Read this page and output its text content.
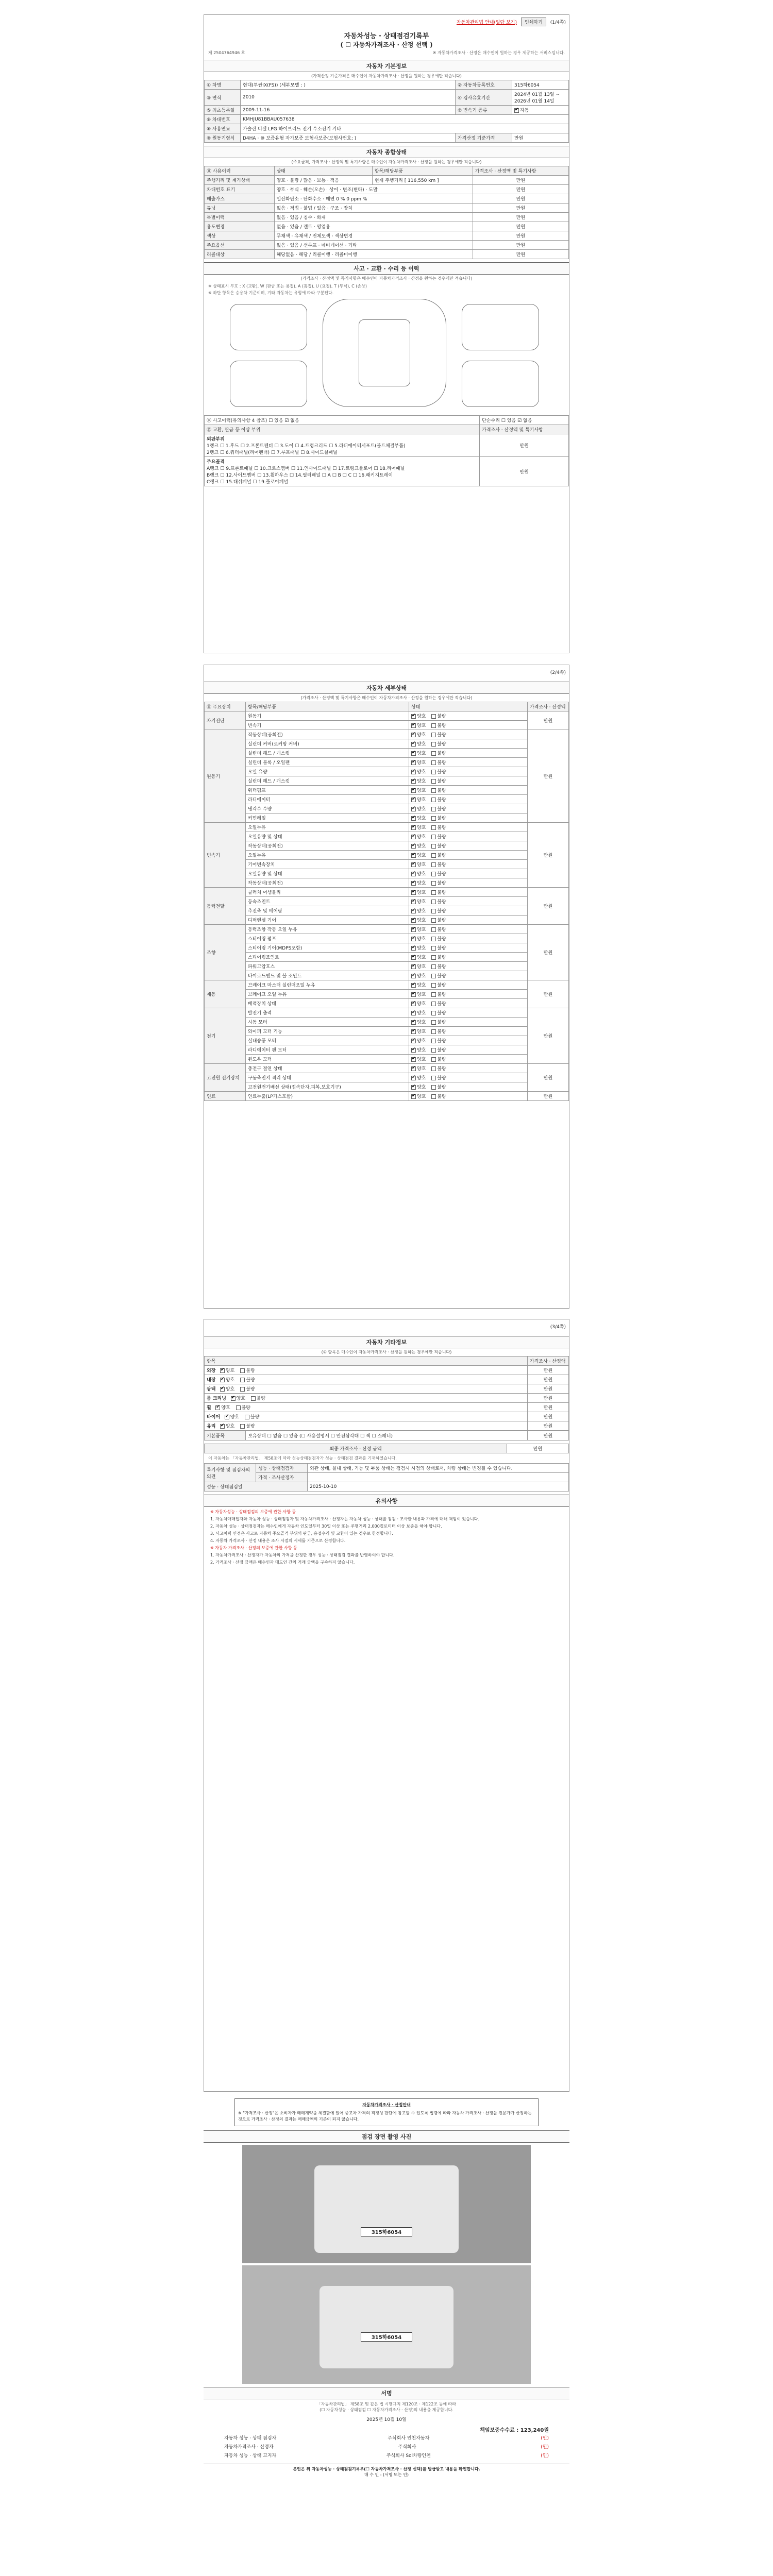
자동차관리법 안내(일람 보기)	인쇄하기	(1/4쪽)
자동차성능 · 상태점검기록부
( ☐ 자동차가격조사 · 산정 선택 )
제 2504764946 호	※ 자동차가격조사 · 산정은 매수인이 원하는 경우 제공하는 서비스입니다.
자동차 기본정보
(가격산정 기준가격은 매수인이 자동차가격조사 · 산정을 원하는 경우에만 적습니다)
① 차명	현대(투싼IX(FS)) (세부모델 : )	② 자동차등록번호	315하6054
③ 연식	2010	④ 검사유효기간	2024년 01월 13일 ~ 2026년 01월 14일
⑤ 최초등록일	2009-11-16	⑦ 변속기 종류	✔자동
⑥ 차대번호	KMHJU81BBAU057638		
⑧ 사용연료	가솔린 디젤 LPG 하이브리드 전기 수소전기 기타		
⑨ 원동기형식	D4HA · ⑩ 보증유형 자가보증 보험사보증(보험사번호: )	가격산정 기준가격	만원
자동차 종합상태
(주요골격, 가격조사 · 산정액 및 특기사항은 매수인이 자동차가격조사 · 산정을 원하는 경우에만 적습니다)
⑪ 사용이력	상태	항목/해당부품	가격조사 · 산정액 및 특기사항
주행거리 및 계기상태	양호 · 불량 / 많음 · 보통 · 적음	현재 주행거리 [ 116,550 km ]	만원
차대번호 표기	양호 · 부식 · 훼손(오손) · 상이 · 변조(변타) · 도말		만원
배출가스	일산화탄소 · 탄화수소 · 매연 0 % 0 ppm %		만원
튜닝	없음 · 적법 · 불법 / 있음 · 구조 · 장치		만원
특별이력	없음 · 있음 / 침수 · 화재		만원
용도변경	없음 · 있음 / 렌트 · 영업용		만원
색상	무채색 · 유채색 / 전체도색 · 색상변경		만원
주요옵션	없음 · 있음 / 선루프 · 네비게이션 · 기타		만원
리콜대상	해당없음 · 해당 / 리콜이행 · 리콜미이행		만원
사고 · 교환 · 수리 등 이력
(가격조사 · 산정액 및 특기사항은 매수인이 자동차가격조사 · 산정을 원하는 경우에만 적습니다)
※ 상태표시 부호 : X (교환), W (판금 또는 용접), A (흠집), U (요철), T (부식), C (손상)
※ 하단 항목은 승용차 기준이며, 기타 자동차는 유형에 따라 구분된다.
⑭ 사고이력(유의사항 4 참조) ☐ 있음 ☑ 없음	단순수리 ☐ 있음 ☑ 없음
⑮ 교환, 판금 등 이상 부위	가격조사 · 산정액 및 특기사항
외판부위
1랭크 ☐ 1.후드 ☐ 2.프론트펜더 ☐ 3.도어 ☐ 4.트렁크리드 ☐ 5.라디에이터서포트(볼트체결부품)
2랭크 ☐ 6.쿼터패널(리어펜더) ☐ 7.루프패널 ☐ 8.사이드실패널	만원
주요골격
A랭크 ☐ 9.프론트패널 ☐ 10.크로스멤버 ☐ 11.인사이드패널 ☐ 17.트렁크플로어 ☐ 18.리어패널
B랭크 ☐ 12.사이드멤버 ☐ 13.휠하우스 ☐ 14.필러패널 ☐ A ☐ B ☐ C ☐ 16.패키지트레이
C랭크 ☐ 15.대쉬패널 ☐ 19.플로어패널	만원
(2/4쪽)
자동차 세부상태
(가격조사 · 산정액 및 특기사항은 매수인이 자동차가격조사 · 산정을 원하는 경우에만 적습니다)
⑯ 주요장치	항목/해당부품	상태	가격조사 · 산정액
자기진단	원동기	✔양호 불량	만원
	변속기	✔양호 불량
원동기	작동상태(공회전)	✔양호 불량	만원
	실린더 커버(로커암 커버)	✔양호 불량
	실린더 헤드 / 개스킷	✔양호 불량
	실린더 블록 / 오일팬	✔양호 불량
	오일 유량	✔양호 불량
	실린더 헤드 / 개스킷	✔양호 불량
	워터펌프	✔양호 불량
	라디에이터	✔양호 불량
	냉각수 수량	✔양호 불량
	커먼레일	✔양호 불량
변속기	오일누유	✔양호 불량	만원
	오일유량 및 상태	✔양호 불량
	작동상태(공회전)	✔양호 불량
	오일누유	✔양호 불량
	기어변속장치	✔양호 불량
	오일유량 및 상태	✔양호 불량
	작동상태(공회전)	✔양호 불량
동력전달	클러치 어셈블리	✔양호 불량	만원
	등속조인트	✔양호 불량
	추진축 및 베어링	✔양호 불량
	디퍼렌셜 기어	✔양호 불량
조향	동력조향 작동 오일 누유	✔양호 불량	만원
	스티어링 펌프	✔양호 불량
	스티어링 기어(MDPS포함)	✔양호 불량
	스티어링조인트	✔양호 불량
	파워고압호스	✔양호 불량
	타이로드엔드 및 볼 조인트	✔양호 불량
제동	브레이크 마스터 실린더오일 누유	✔양호 불량	만원
	브레이크 오일 누유	✔양호 불량
	배력장치 상태	✔양호 불량
전기	발전기 출력	✔양호 불량	만원
	시동 모터	✔양호 불량
	와이퍼 모터 기능	✔양호 불량
	실내송풍 모터	✔양호 불량
	라디에이터 팬 모터	✔양호 불량
	윈도우 모터	✔양호 불량
고전원 전기장치	충전구 절연 상태	✔양호 불량	만원
	구동축전지 격리 상태	✔양호 불량
	고전원전기배선 상태(접속단자,피복,보호기구)	✔양호 불량
연료	연료누출(LP가스포함)	✔양호 불량	만원
(3/4쪽)
자동차 기타정보
(① 항목은 매수인이 자동차가격조사 · 산정을 원하는 경우에만 적습니다)
항목	가격조사 · 산정액
외장 ✔ 양호 불량	만원
내장 ✔ 양호 불량	만원
광택 ✔ 양호 불량	만원
룸 크리닝 ✔ 양호 불량	만원
휠 ✔ 양호 불량	만원
타이어 ✔ 양호 불량	만원
유리 ✔ 양호 불량	만원
기본품목	보유상태 ☐ 없음 ☐ 있음 (☐ 사용설명서 ☐ 안전삼각대 ☐ 잭 ☐ 스패너)	만원
최종 가격조사 · 산정 금액	만원
이 자동차는 「자동차관리법」 제58조에 따라 성능상태점검자가 성능 · 상태점검 결과를 기재하였습니다.
특기사항 및 점검자의 의견	성능 · 상태점검자	외관 상태, 실내 상태, 기능 및 부품 상태는 점검시 시점의 상태로서, 차량 상태는 변경될 수 있습니다.
	가격 · 조사산정자	
성능 · 상태점검일		2025-10-10
유의사항

※ 자동차성능 · 상태점검의 보증에 관한 사항 등

1. 자동차매매업자와 자동차 성능 · 상태점검자 및 자동차가격조사 · 산정자는 자동차 성능 · 상태를 점검 · 조사한 내용과 가격에 대해 책임이 있습니다.

2. 자동차 성능 · 상태점검자는 매수인에게 자동차 인도일부터 30일 이상 또는 주행거리 2,000킬로미터 이상 보증을 해야 합니다.

3. 사고이력 인정은 사고로 자동차 주요골격 부위의 판금, 용접수리 및 교환이 있는 경우로 한정합니다.

4. 자동차 가격조사 · 산정 내용은 조사 시점의 시세를 기준으로 산정합니다.

※ 자동차 가격조사 · 산정의 보증에 관한 사항 등

1. 자동차가격조사 · 산정자가 자동차의 가격을 산정한 경우 성능 · 상태점검 결과를 반영하여야 합니다.

2. 가격조사 · 산정 금액은 매수인과 매도인 간의 거래 금액을 구속하지 않습니다.

자동차가격조사 · 산정안내
※ "가격조사 · 산정"은 소비자가 매매계약을 체결함에 있어 중고차 가격의 적정성 판단에 참고할 수 있도록 법령에 따라 자동차 가격조사 · 산정을 전문가가 산정하는 것으로 가격조사 · 산정의 결과는 매매금액의 기준이 되지 않습니다.
점검 장면 촬영 사진
315하6054
315하6054
서명
「자동차관리법」 제58조 및 같은 법 시행규칙 제120조 · 제122조 등에 따라
(☐ 자동차성능 · 상태점검 ☐ 자동차가격조사 · 산정)의 내용을 제공합니다.
2025년 10월 10일
책임보증수수료 : 123,240원
자동차 성능 · 상태 점검자	주식회사 인천자동차	(인)
자동차가격조사 · 산정자	주식회사	(인)
자동차 성능 · 상태 고지자	주식회사 Sol차량인천	(인)
본인은 위 자동차성능 · 상태점검기록부(☐ 자동차가격조사 · 산정 선택)를 발급받고 내용을 확인합니다.
매 수 인 : (서명 또는 인)
